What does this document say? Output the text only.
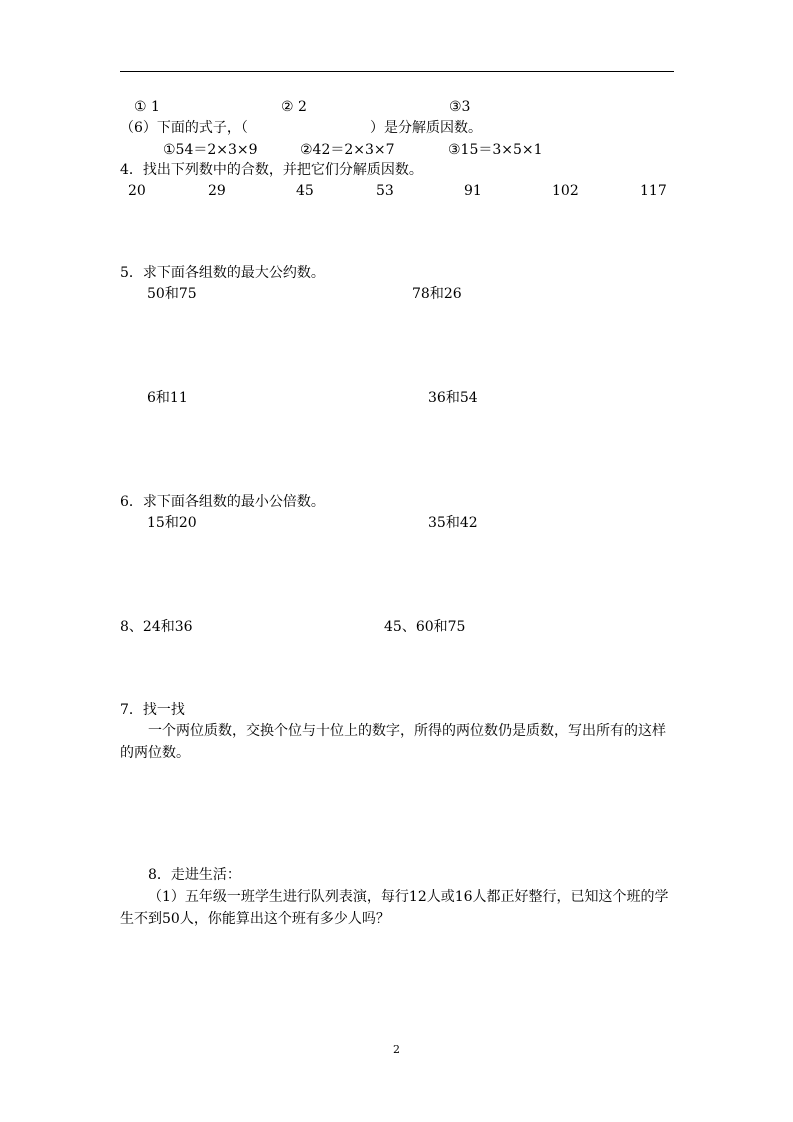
① 1	② 2	③3
（6）下面的式子，（	）是分解质因数。
①54＝2×3×9	②42＝2×3×7	③15＝3×5×1
4．找出下列数中的合数，并把它们分解质因数。
20	29	45	53	91	102	117
5．求下面各组数的最大公约数。
50和75	78和26
6和11	36和54
6．求下面各组数的最小公倍数。
15和20	35和42
8、24和36	45、60和75
7．找一找
一个两位质数，交换个位与十位上的数字，所得的两位数仍是质数，写出所有的这样的两位数。
8．走进生活：
（1）五年级一班学生进行队列表演，每行12人或16人都正好整行，已知这个班的学生不到50人，你能算出这个班有多少人吗？
2
